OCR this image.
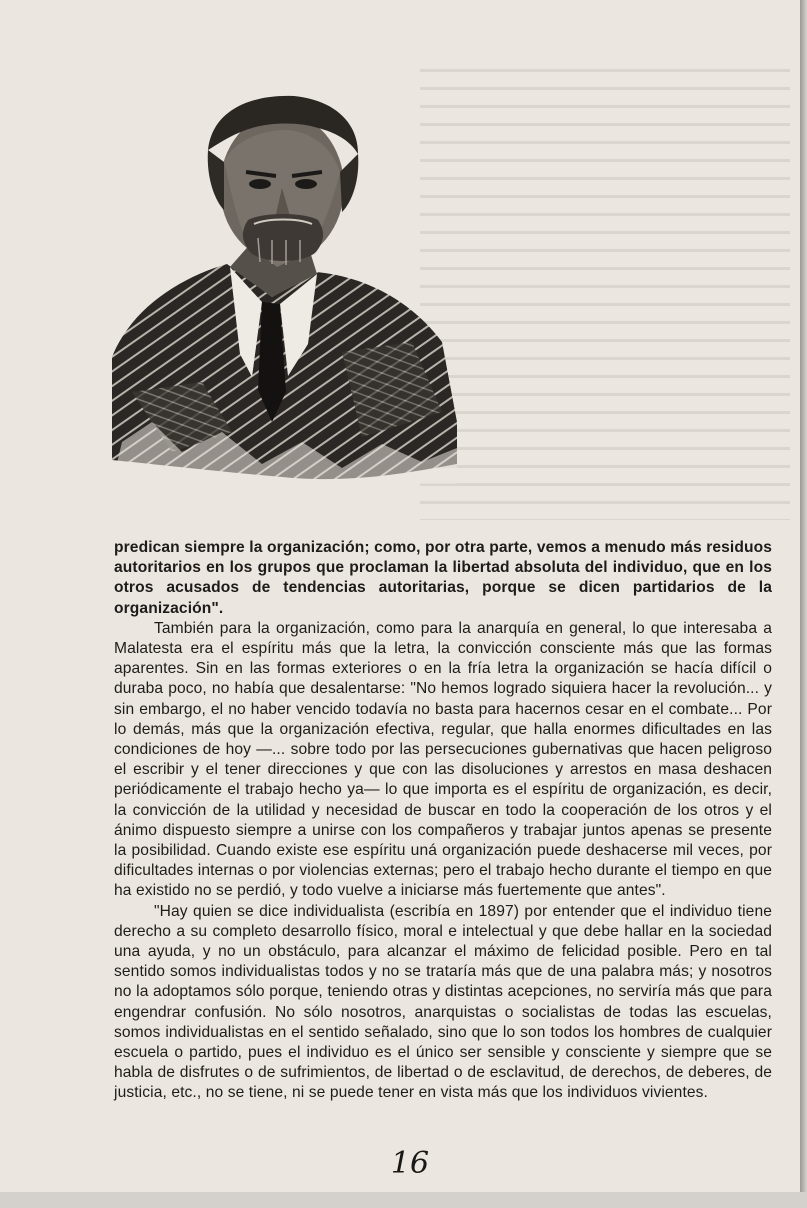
predican siempre la organización; como, por otra parte, vemos a menudo más residuos autoritarios en los grupos que proclaman la libertad absoluta del individuo, que en los otros acusados de tendencias autoritarias, porque se dicen partidarios de la organización".

También para la organización, como para la anarquía en general, lo que interesaba a Malatesta era el espíritu más que la letra, la convicción consciente más que las formas aparentes. Sin en las formas exteriores o en la fría letra la organización se hacía difícil o duraba poco, no había que desalentarse: "No hemos logrado siquiera hacer la revolución... y sin embargo, el no haber vencido todavía no basta para hacernos cesar en el combate... Por lo demás, más que la organización efectiva, regular, que halla enormes dificultades en las condiciones de hoy —... sobre todo por las persecuciones gubernativas que hacen peligroso el escribir y el tener direcciones y que con las disoluciones y arrestos en masa deshacen periódicamente el trabajo hecho ya— lo que importa es el espíritu de organización, es decir, la convicción de la utilidad y necesidad de buscar en todo la cooperación de los otros y el ánimo dispuesto siempre a unirse con los compañeros y trabajar juntos apenas se presente la posibilidad. Cuando existe ese espíritu uná organización puede deshacerse mil veces, por dificultades internas o por violencias externas; pero el trabajo hecho durante el tiempo en que ha existido no se perdió, y todo vuelve a iniciarse más fuertemente que antes".

"Hay quien se dice individualista (escribía en 1897) por entender que el individuo tiene derecho a su completo desarrollo físico, moral e intelectual y que debe hallar en la sociedad una ayuda, y no un obstáculo, para alcanzar el máximo de felicidad posible. Pero en tal sentido somos individualistas todos y no se trataría más que de una palabra más; y nosotros no la adoptamos sólo porque, teniendo otras y distintas acepciones, no serviría más que para engendrar confusión. No sólo nosotros, anarquistas o socialistas de todas las escuelas, somos individualistas en el sentido señalado, sino que lo son todos los hombres de cualquier escuela o partido, pues el individuo es el único ser sensible y consciente y siempre que se habla de disfrutes o de sufrimientos, de libertad o de esclavitud, de derechos, de deberes, de justicia, etc., no se tiene, ni se puede tener en vista más que los individuos vivientes.

16
